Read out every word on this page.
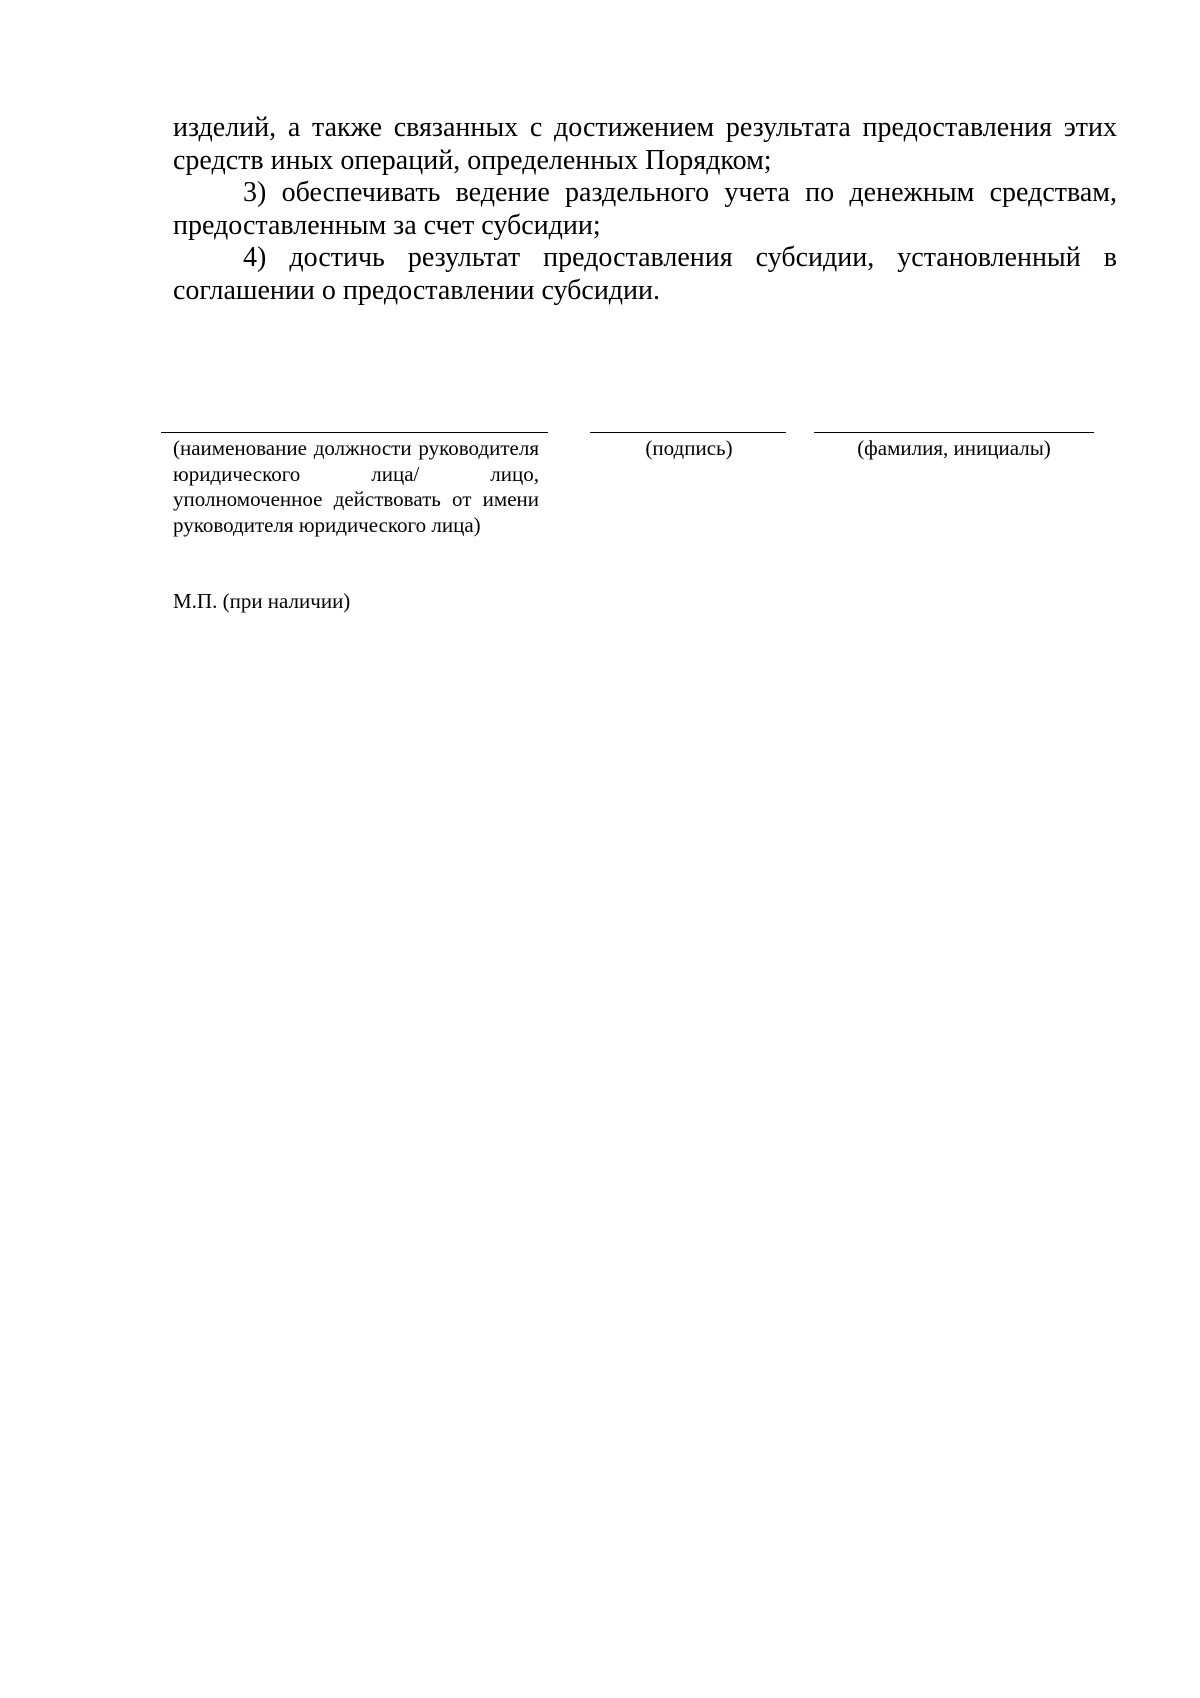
изделий, а также связанных с достижением результата предоставления этих средств иных операций, определенных Порядком;

3) обеспечивать ведение раздельного учета по денежным средствам, предоставленным за счет субсидии;

4) достичь результат предоставления субсидии, установленный в соглашении о предоставлении субсидии.

(наименование должности руководителя юридического лица/ лицо, уполномоченное действовать от имени руководителя юридического лица)
(подпись)	(фамилия, инициалы)
М.П. (при наличии)
